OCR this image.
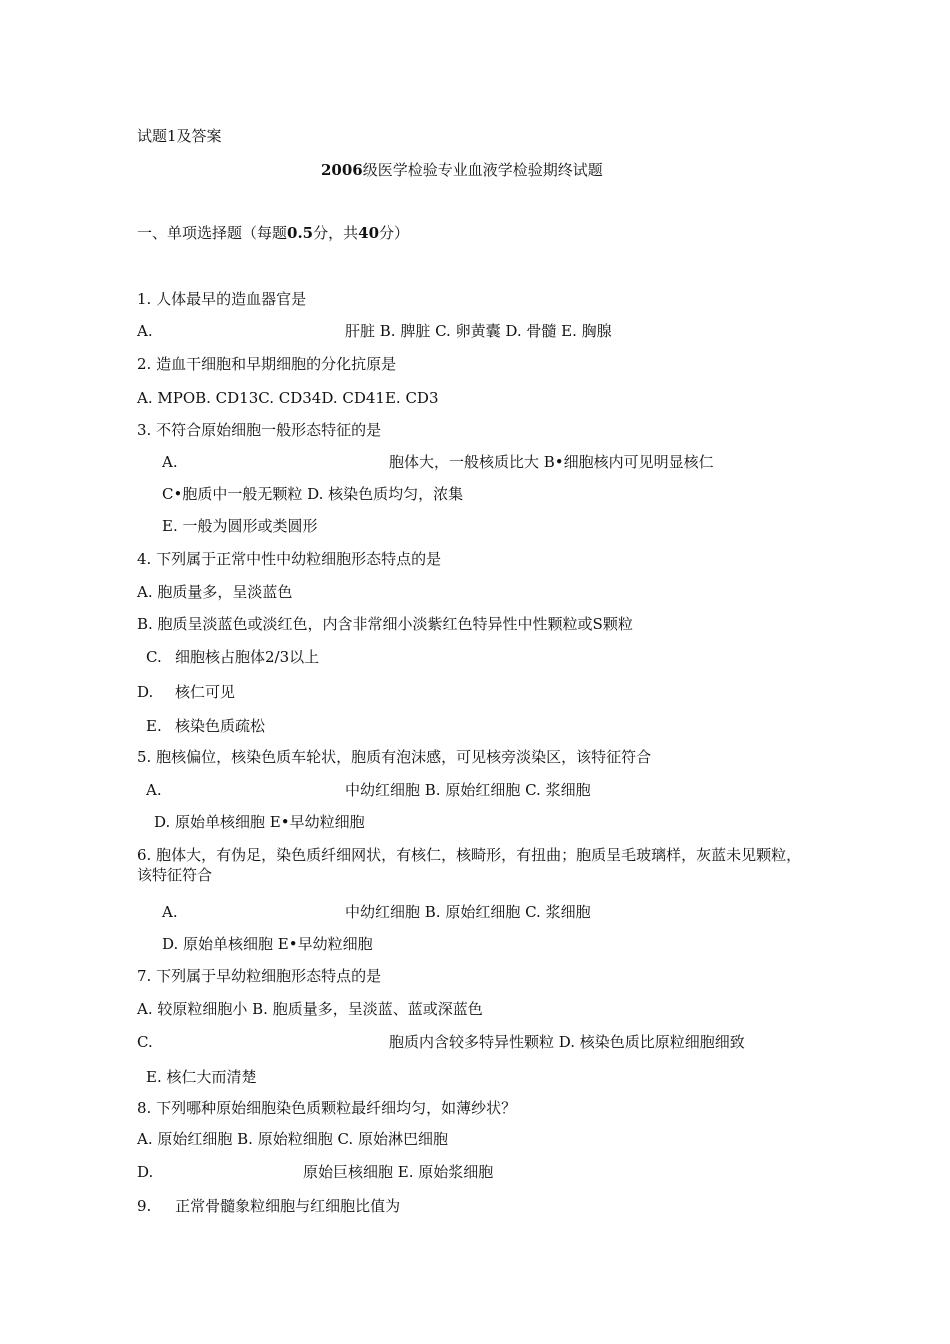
试题1及答案
2006级医学检验专业血液学检验期终试题
一、单项选择题（每题0.5分，共40分）
1. 人体最早的造血器官是
A.	肝脏 B. 脾脏 C. 卵黄囊 D. 骨髓 E. 胸腺
2. 造血干细胞和早期细胞的分化抗原是
A. MPOB. CD13C. CD34D. CD41E. CD3
3. 不符合原始细胞一般形态特征的是
A.	胞体大，一般核质比大 B•细胞核内可见明显核仁
C•胞质中一般无颗粒 D. 核染色质均匀，浓集
E. 一般为圆形或类圆形
4. 下列属于正常中性中幼粒细胞形态特点的是
A. 胞质量多，呈淡蓝色
B. 胞质呈淡蓝色或淡红色，内含非常细小淡紫红色特异性中性颗粒或S颗粒
C. 细胞核占胞体2/3以上
D. 核仁可见
E. 核染色质疏松
5. 胞核偏位，核染色质车轮状，胞质有泡沫感，可见核旁淡染区，该特征符合
A.	中幼红细胞 B. 原始红细胞 C. 浆细胞
D. 原始单核细胞 E•早幼粒细胞
6. 胞体大，有伪足，染色质纤细网状，有核仁，核畸形，有扭曲；胞质呈毛玻璃样，灰蓝未见颗粒，该特征符合
A.	中幼红细胞 B. 原始红细胞 C. 浆细胞
D. 原始单核细胞 E•早幼粒细胞
7. 下列属于早幼粒细胞形态特点的是
A. 较原粒细胞小 B. 胞质量多，呈淡蓝、蓝或深蓝色
C.	胞质内含较多特异性颗粒 D. 核染色质比原粒细胞细致
E. 核仁大而清楚
8. 下列哪种原始细胞染色质颗粒最纤细均匀，如薄纱状？
A. 原始红细胞 B. 原始粒细胞 C. 原始淋巴细胞
D.	原始巨核细胞 E. 原始浆细胞
9.     正常骨髓象粒细胞与红细胞比值为
